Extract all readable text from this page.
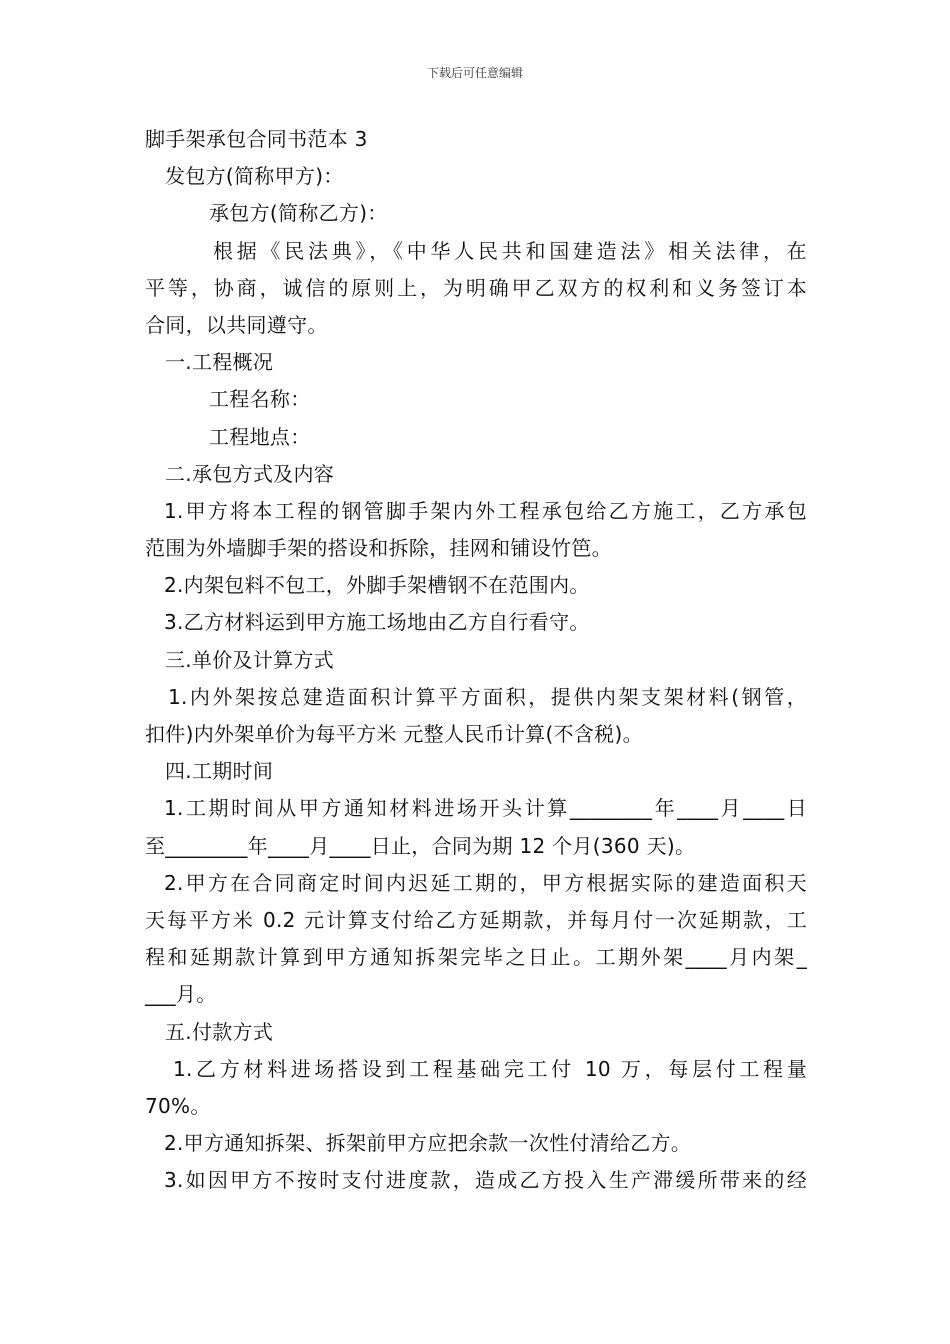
下载后可任意编辑
脚手架承包合同书范本 3
发包方(简称甲方)：
承包方(简称乙方)：
根据《民法典》，《中华人民共和国建造法》相关法律，在
平等，协商，诚信的原则上，为明确甲乙双方的权利和义务签订本
合同，以共同遵守。
一.工程概况
工程名称：
工程地点：
二.承包方式及内容
1.甲方将本工程的钢管脚手架内外工程承包给乙方施工，乙方承包
范围为外墙脚手架的搭设和拆除，挂网和铺设竹笆。
2.内架包料不包工，外脚手架槽钢不在范围内。
3.乙方材料运到甲方施工场地由乙方自行看守。
三.单价及计算方式
1.内外架按总建造面积计算平方面积，提供内架支架材料(钢管，
扣件)内外架单价为每平方米 元整人民币计算(不含税)。
四.工期时间
1.工期时间从甲方通知材料进场开头计算________年____月____日
至________年____月____日止，合同为期 12 个月(360 天)。
2.甲方在合同商定时间内迟延工期的，甲方根据实际的建造面积天
天每平方米 0.2 元计算支付给乙方延期款，并每月付一次延期款，工
程和延期款计算到甲方通知拆架完毕之日止。工期外架____月内架_
___月。
五.付款方式
1.乙方材料进场搭设到工程基础完工付 10 万，每层付工程量
70%。
2.甲方通知拆架、拆架前甲方应把余款一次性付清给乙方。
3.如因甲方不按时支付进度款，造成乙方投入生产滞缓所带来的经
